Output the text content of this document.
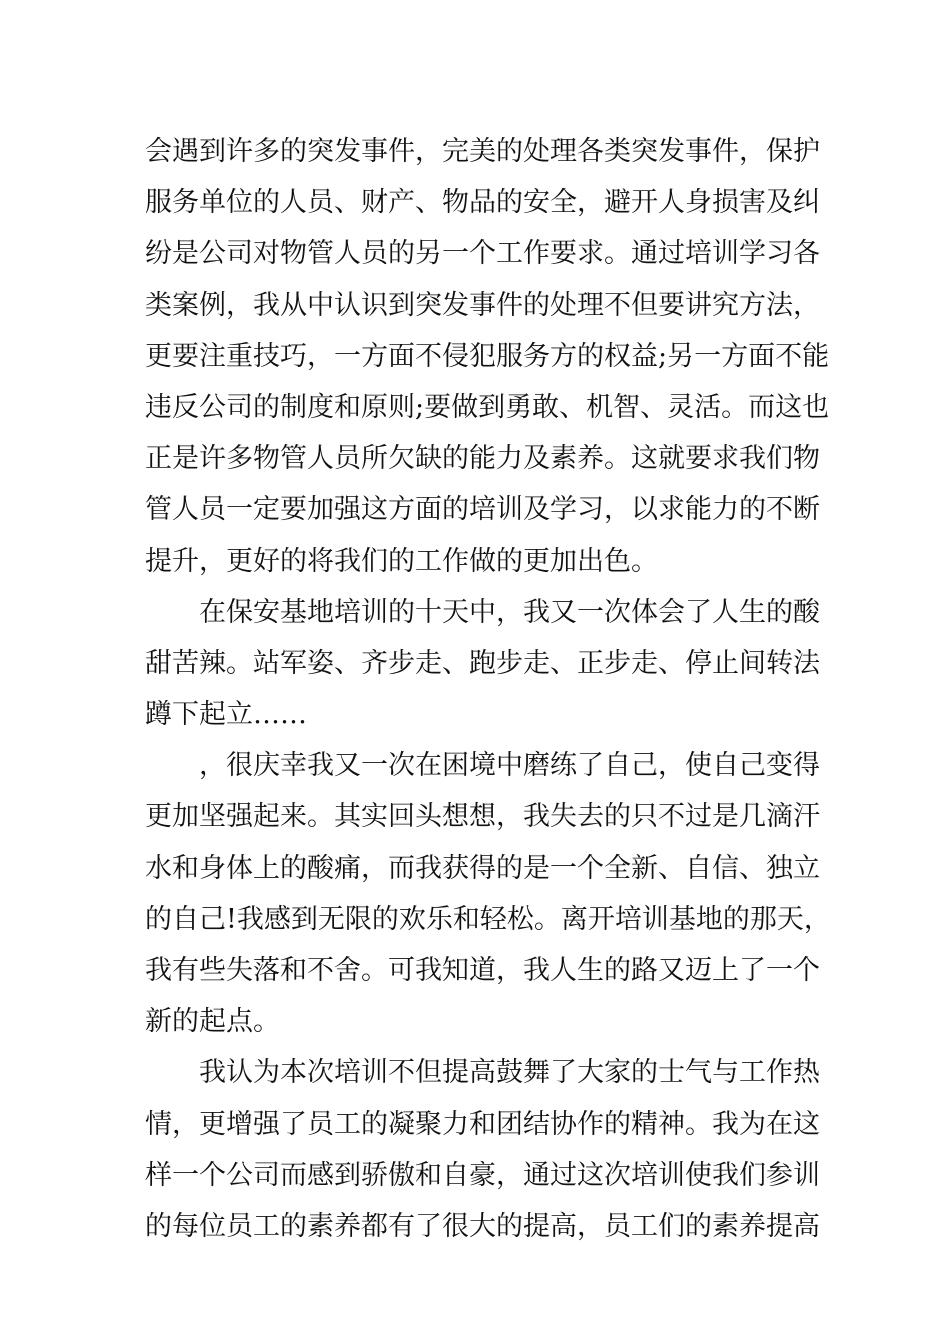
会遇到许多的突发事件，完美的处理各类突发事件，保护
服务单位的人员、财产、物品的安全，避开人身损害及纠
纷是公司对物管人员的另一个工作要求。通过培训学习各
类案例，我从中认识到突发事件的处理不但要讲究方法，
更要注重技巧，一方面不侵犯服务方的权益;另一方面不能
违反公司的制度和原则;要做到勇敢、机智、灵活。而这也
正是许多物管人员所欠缺的能力及素养。这就要求我们物
管人员一定要加强这方面的培训及学习，以求能力的不断
提升，更好的将我们的工作做的更加出色。
在保安基地培训的十天中，我又一次体会了人生的酸
甜苦辣。站军姿、齐步走、跑步走、正步走、停止间转法
蹲下起立……
，很庆幸我又一次在困境中磨练了自己，使自己变得
更加坚强起来。其实回头想想，我失去的只不过是几滴汗
水和身体上的酸痛，而我获得的是一个全新、自信、独立
的自己!我感到无限的欢乐和轻松。离开培训基地的那天，
我有些失落和不舍。可我知道，我人生的路又迈上了一个
新的起点。
我认为本次培训不但提高鼓舞了大家的士气与工作热
情，更增强了员工的凝聚力和团结协作的精神。我为在这
样一个公司而感到骄傲和自豪，通过这次培训使我们参训
的每位员工的素养都有了很大的提高，员工们的素养提高
